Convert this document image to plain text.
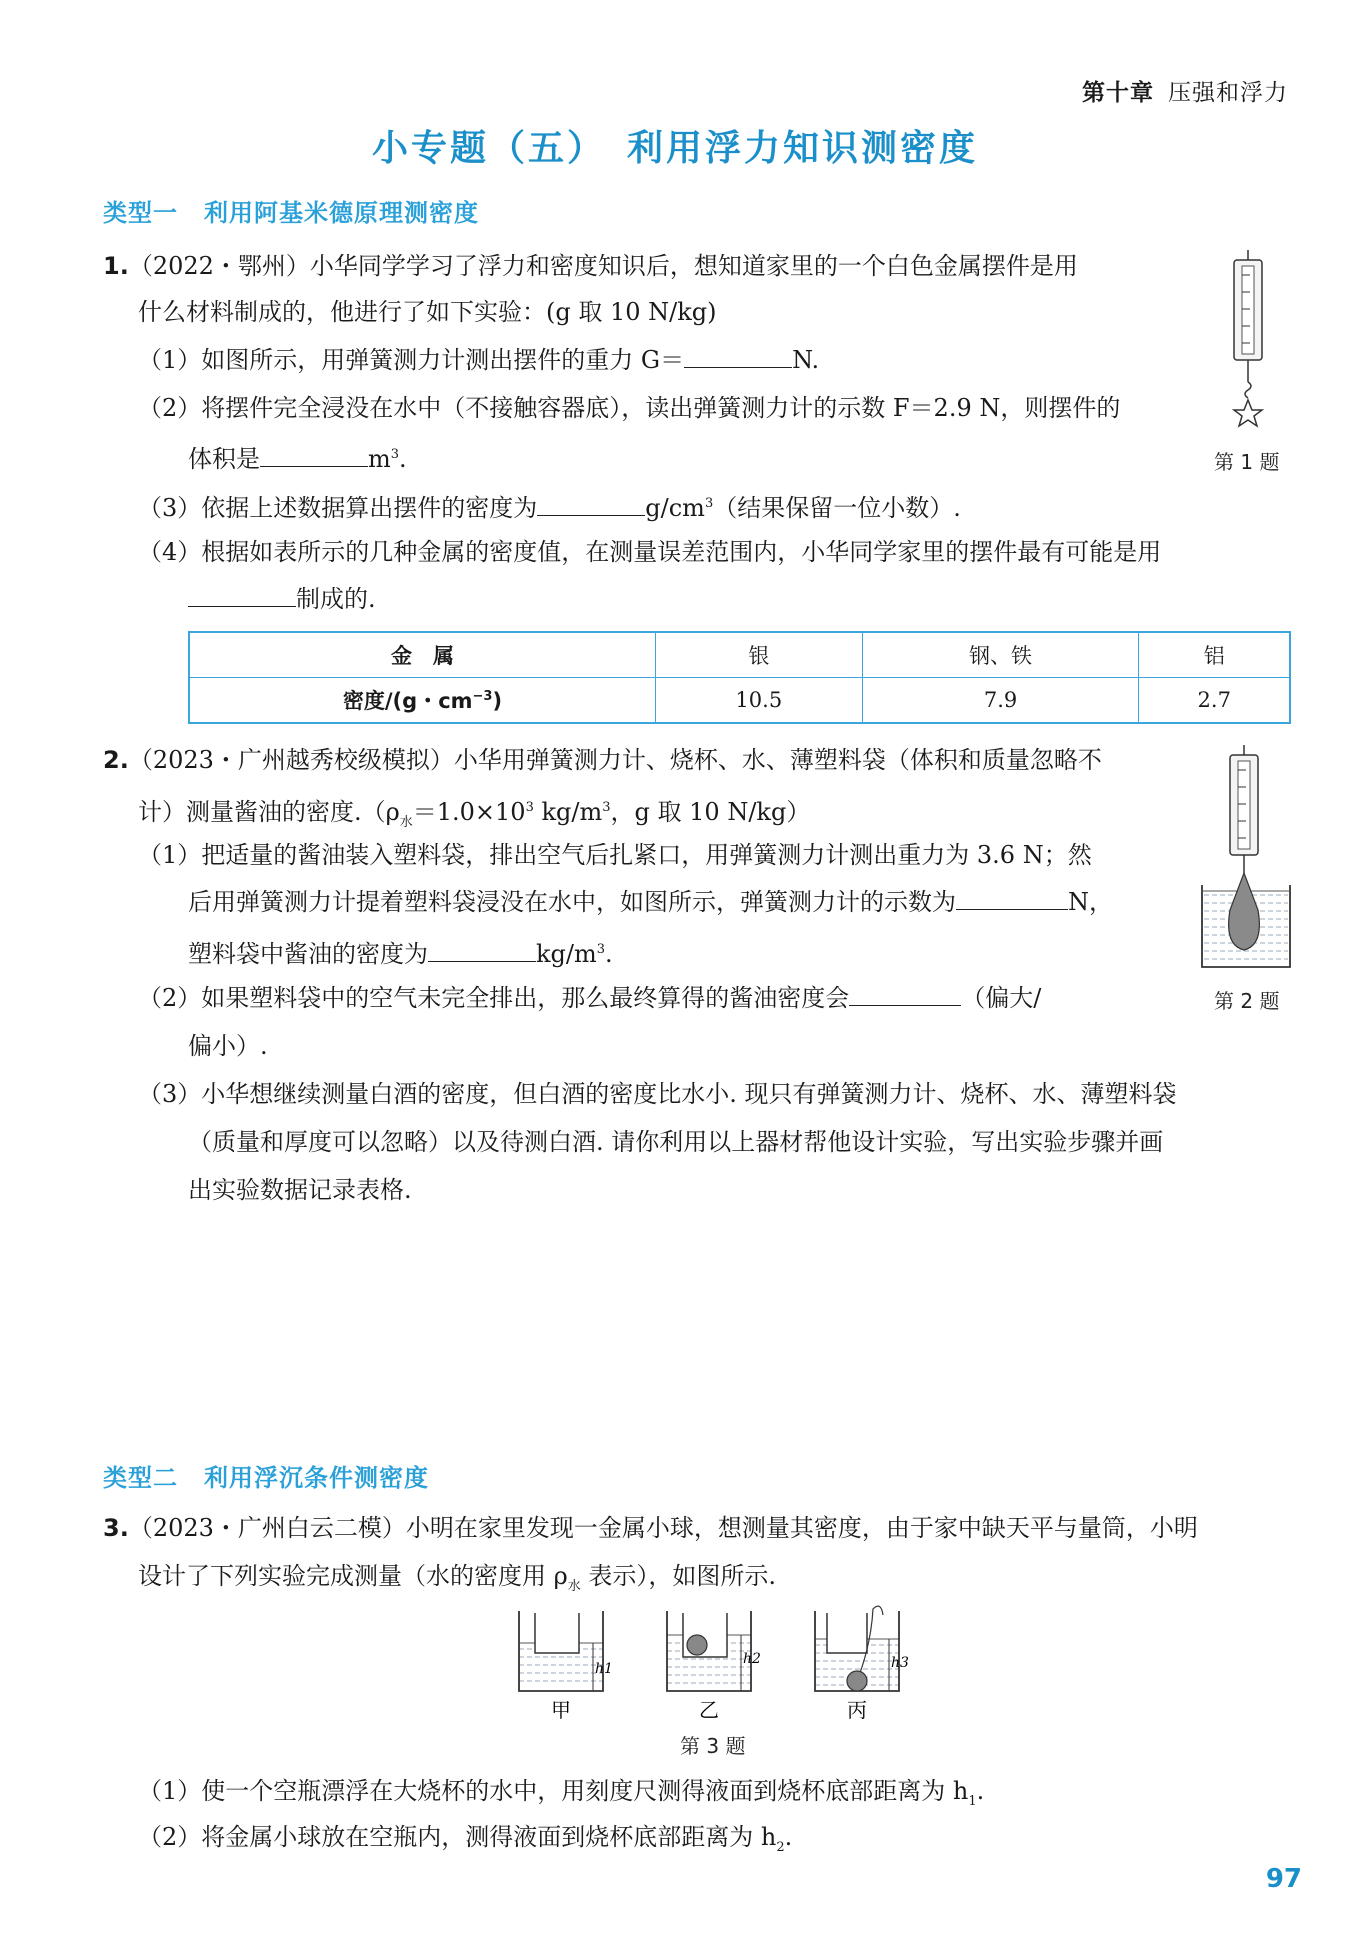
第十章 压强和浮力
小专题（五）　利用浮力知识测密度
类型一 利用阿基米德原理测密度
1.（2022・鄂州）小华同学学习了浮力和密度知识后，想知道家里的一个白色金属摆件是用
什么材料制成的，他进行了如下实验：(g 取 10 N/kg)
（1）如图所示，用弹簧测力计测出摆件的重力 G＝	N.
（2）将摆件完全浸没在水中（不接触容器底），读出弹簧测力计的示数 F＝2.9 N，则摆件的
体积是	$m^3$.
（3）依据上述数据算出摆件的密度为	$g/cm^3$（结果保留一位小数）.
（4）根据如表所示的几种金属的密度值，在测量误差范围内，小华同学家里的摆件最有可能是用
制成的.
第 1 题
金　属	银	钢、铁	铝
密度/(g・$cm^{-3}$)	10.5	7.9	2.7
2.（2023・广州越秀校级模拟）小华用弹簧测力计、烧杯、水、薄塑料袋（体积和质量忽略不
计）测量酱油的密度$.(\rho_水=1.0\times 10^3$ $kg/m^3$，g 取 10 N/kg）
（1）把适量的酱油装入塑料袋，排出空气后扎紧口，用弹簧测力计测出重力为 3.6 N；然
后用弹簧测力计提着塑料袋浸没在水中，如图所示，弹簧测力计的示数为	N，
塑料袋中酱油的密度为	$kg/m^3$.
（2）如果塑料袋中的空气未完全排出，那么最终算得的酱油密度会	（偏大/
偏小）.
（3）小华想继续测量白酒的密度，但白酒的密度比水小. 现只有弹簧测力计、烧杯、水、薄塑料袋
（质量和厚度可以忽略）以及待测白酒. 请你利用以上器材帮他设计实验，写出实验步骤并画
出实验数据记录表格.
第 2 题
类型二 利用浮沉条件测密度
3.（2023・广州白云二模）小明在家里发现一金属小球，想测量其密度，由于家中缺天平与量筒，小明
设计了下列实验完成测量（水的密度用 $\rho_水$ 表示），如图所示.
h1
h2	h3
甲	乙	丙
第 3 题
（1）使一个空瓶漂浮在大烧杯的水中，用刻度尺测得液面到烧杯底部距离为 $h_1$.
（2）将金属小球放在空瓶内，测得液面到烧杯底部距离为 $h_2$.
97
